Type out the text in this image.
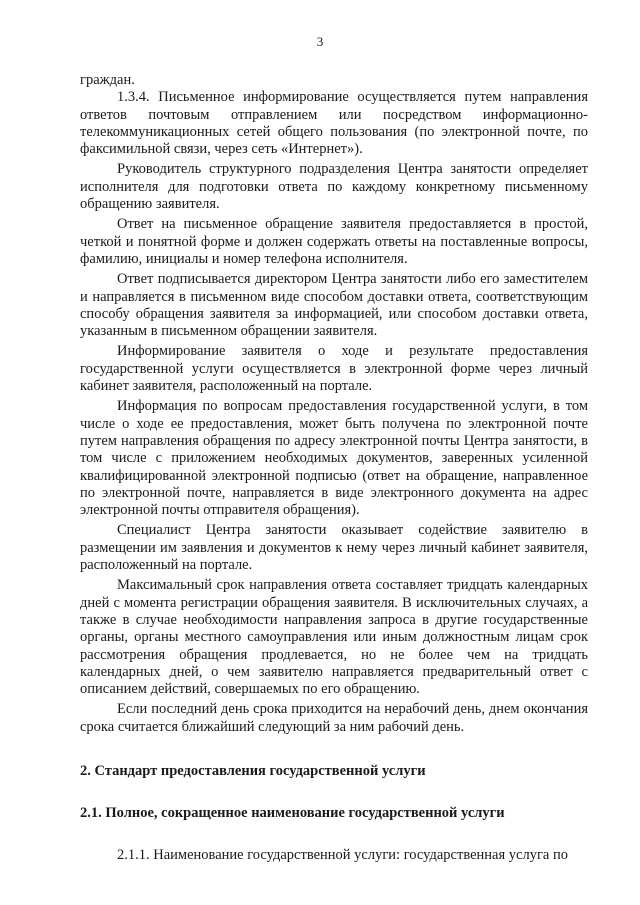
3

граждан.

1.3.4. Письменное информирование осуществляется путем направления ответов почтовым отправлением или посредством информационно-телекоммуникационных сетей общего пользования (по электронной почте, по факсимильной связи, через сеть «Интернет»).

Руководитель структурного подразделения Центра занятости определяет исполнителя для подготовки ответа по каждому конкретному письменному обращению заявителя.

Ответ на письменное обращение заявителя предоставляется в простой, четкой и понятной форме и должен содержать ответы на поставленные вопросы, фамилию, инициалы и номер телефона исполнителя.

Ответ подписывается директором Центра занятости либо его заместителем и направляется в письменном виде способом доставки ответа, соответствующим способу обращения заявителя за информацией, или способом доставки ответа, указанным в письменном обращении заявителя.

Информирование заявителя о ходе и результате предоставления государственной услуги осуществляется в электронной форме через личный кабинет заявителя, расположенный на портале.

Информация по вопросам предоставления государственной услуги, в том числе о ходе ее предоставления, может быть получена по электронной почте путем направления обращения по адресу электронной почты Центра занятости, в том числе с приложением необходимых документов, заверенных усиленной квалифицированной электронной подписью (ответ на обращение, направленное по электронной почте, направляется в виде электронного документа на адрес электронной почты отправителя обращения).

Специалист Центра занятости оказывает содействие заявителю в размещении им заявления и документов к нему через личный кабинет заявителя, расположенный на портале.

Максимальный срок направления ответа составляет тридцать календарных дней с момента регистрации обращения заявителя. В исключительных случаях, а также в случае необходимости направления запроса в другие государственные органы, органы местного самоуправления или иным должностным лицам срок рассмотрения обращения продлевается, но не более чем на тридцать календарных дней, о чем заявителю направляется предварительный ответ с описанием действий, совершаемых по его обращению.

Если последний день срока приходится на нерабочий день, днем окончания срока считается ближайший следующий за ним рабочий день.

2. Стандарт предоставления государственной услуги

2.1. Полное, сокращенное наименование государственной услуги

2.1.1. Наименование государственной услуги: государственная услуга по
